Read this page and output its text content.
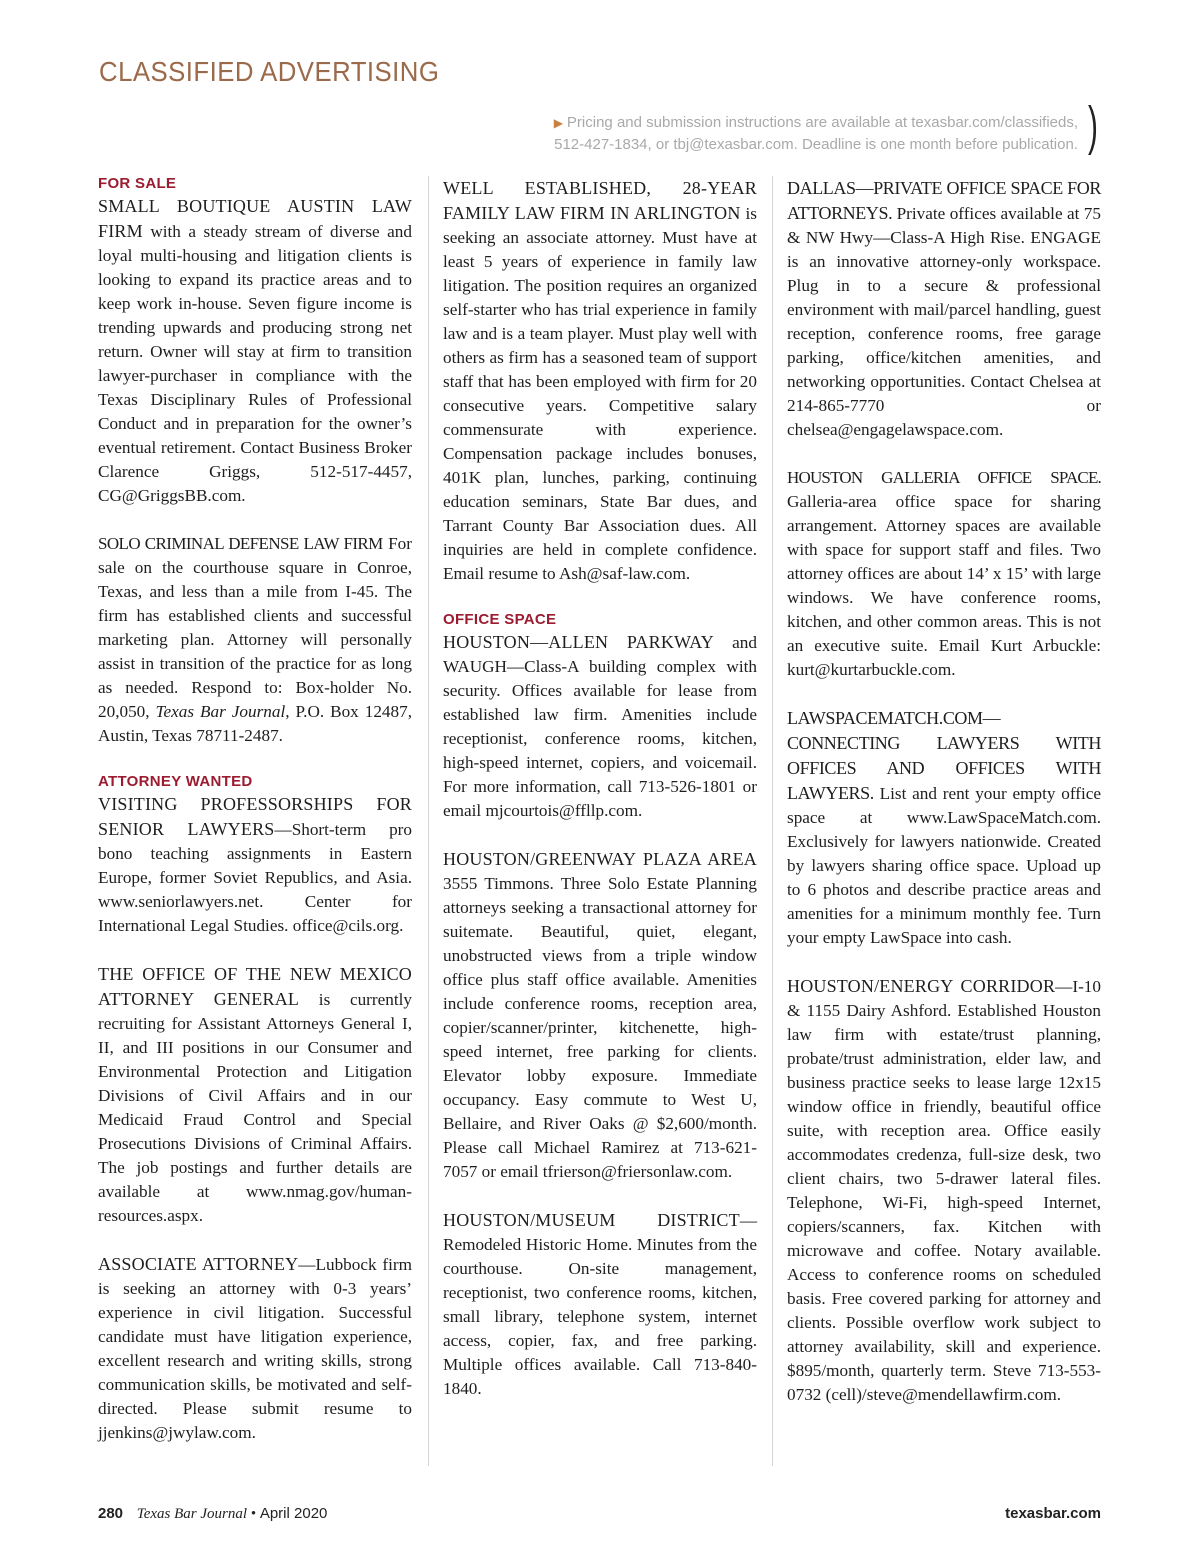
CLASSIFIED ADVERTISING
▶ Pricing and submission instructions are available at texasbar.com/classifieds,
512-427-1834, or tbj@texasbar.com. Deadline is one month before publication. )
FOR SALE

SMALL BOUTIQUE AUSTIN LAW FIRM with a steady stream of diverse and loyal multi-housing and litigation clients is looking to expand its practice areas and to keep work in-house. Seven figure income is trending upwards and producing strong net return. Owner will stay at firm to transition lawyer-purchaser in compliance with the Texas Disciplinary Rules of Professional Conduct and in preparation for the owner’s eventual retirement. Contact Business Broker Clarence Griggs, 512-517-4457, CG@GriggsBB.com.

SOLO CRIMINAL DEFENSE LAW FIRM For sale on the courthouse square in Conroe, Texas, and less than a mile from I-45. The firm has established clients and successful marketing plan. Attorney will personally assist in transition of the practice for as long as needed. Respond to: Box-holder No. 20,050, Texas Bar Journal, P.O. Box 12487, Austin, Texas 78711-2487.

ATTORNEY WANTED

VISITING PROFESSORSHIPS FOR SENIOR LAWYERS—Short-term pro bono teaching assignments in Eastern Europe, former Soviet Republics, and Asia. www.seniorlawyers.net. Center for International Legal Studies. office@cils.org.

THE OFFICE OF THE NEW MEXICO ATTORNEY GENERAL is currently recruiting for Assistant Attorneys General I, II, and III positions in our Consumer and Environmental Protection and Litigation Divisions of Civil Affairs and in our Medicaid Fraud Control and Special Prosecutions Divisions of Criminal Affairs. The job postings and further details are available at www.nmag.gov/human-resources.aspx.

ASSOCIATE ATTORNEY—Lubbock firm is seeking an attorney with 0-3 years’ experience in civil litigation. Successful candidate must have litigation experience, excellent research and writing skills, strong communication skills, be motivated and self-directed. Please submit resume to jjenkins@jwylaw.com.

WELL ESTABLISHED, 28-YEAR FAMILY LAW FIRM IN ARLINGTON is seeking an associate attorney. Must have at least 5 years of experience in family law litigation. The position requires an organized self-starter who has trial experience in family law and is a team player. Must play well with others as firm has a seasoned team of support staff that has been employed with firm for 20 consecutive years. Competitive salary commensurate with experience. Compensation package includes bonuses, 401K plan, lunches, parking, continuing education seminars, State Bar dues, and Tarrant County Bar Association dues. All inquiries are held in complete confidence. Email resume to Ash@saf-law.com.

OFFICE SPACE

HOUSTON—ALLEN PARKWAY and WAUGH—Class-A building complex with security. Offices available for lease from established law firm. Amenities include receptionist, conference rooms, kitchen, high-speed internet, copiers, and voicemail. For more information, call 713-526-1801 or email mjcourtois@ffllp.com.

HOUSTON/GREENWAY PLAZA AREA 3555 Timmons. Three Solo Estate Planning attorneys seeking a transactional attorney for suitemate. Beautiful, quiet, elegant, unobstructed views from a triple window office plus staff office available. Amenities include conference rooms, reception area, copier/scanner/printer, kitchenette, high-speed internet, free parking for clients. Elevator lobby exposure. Immediate occupancy. Easy commute to West U, Bellaire, and River Oaks @ $2,600/month. Please call Michael Ramirez at 713-621-7057 or email tfrierson@friersonlaw.com.

HOUSTON/MUSEUM DISTRICT—Remodeled Historic Home. Minutes from the courthouse. On-site management, receptionist, two conference rooms, kitchen, small library, telephone system, internet access, copier, fax, and free parking. Multiple offices available. Call 713-840-1840.

DALLAS—PRIVATE OFFICE SPACE FOR ATTORNEYS. Private offices available at 75 & NW Hwy—Class-A High Rise. ENGAGE is an innovative attorney-only workspace. Plug in to a secure & professional environment with mail/parcel handling, guest reception, conference rooms, free garage parking, office/kitchen amenities, and networking opportunities. Contact Chelsea at 214-865-7770 or chelsea@engagelawspace.com.

HOUSTON GALLERIA OFFICE SPACE. Galleria-area office space for sharing arrangement. Attorney spaces are available with space for support staff and files. Two attorney offices are about 14’ x 15’ with large windows. We have conference rooms, kitchen, and other common areas. This is not an executive suite. Email Kurt Arbuckle: kurt@kurtarbuckle.com.

LAWSPACEMATCH.COM—CONNECTING LAWYERS WITH OFFICES AND OFFICES WITH LAWYERS. List and rent your empty office space at www.LawSpaceMatch.com. Exclusively for lawyers nationwide. Created by lawyers sharing office space. Upload up to 6 photos and describe practice areas and amenities for a minimum monthly fee. Turn your empty LawSpace into cash.

HOUSTON/ENERGY CORRIDOR—I-10 & 1155 Dairy Ashford. Established Houston law firm with estate/trust planning, probate/trust administration, elder law, and business practice seeks to lease large 12x15 window office in friendly, beautiful office suite, with reception area. Office easily accommodates credenza, full-size desk, two client chairs, two 5-drawer lateral files. Telephone, Wi-Fi, high-speed Internet, copiers/scanners, fax. Kitchen with microwave and coffee. Notary available. Access to conference rooms on scheduled basis. Free covered parking for attorney and clients. Possible overflow work subject to attorney availability, skill and experience. $895/month, quarterly term. Steve 713-553-0732 (cell)/steve@mendellawfirm.com.

280 Texas Bar Journal • April 2020	texasbar.com
